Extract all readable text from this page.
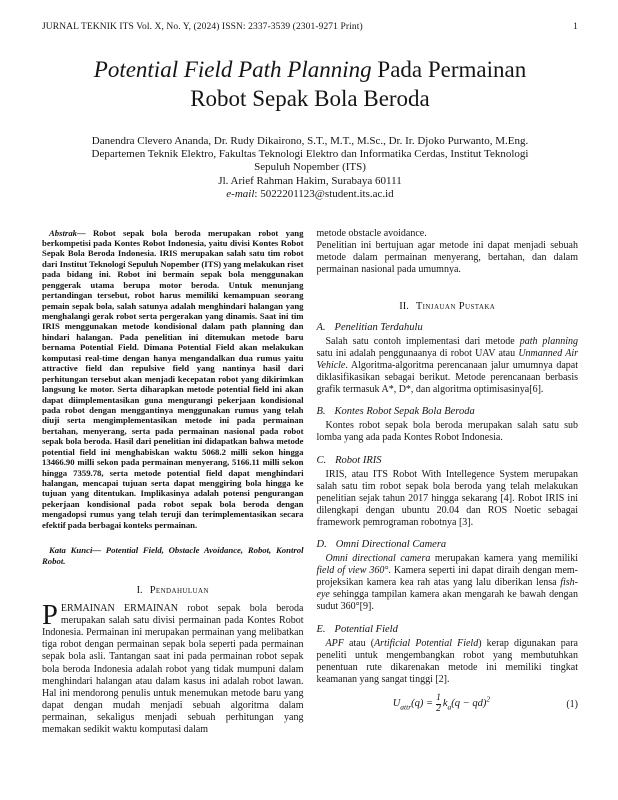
JURNAL TEKNIK ITS Vol. X, No. Y, (2024) ISSN: 2337-3539 (2301-9271 Print)	1
Potential Field Path Planning Pada Permainan
Robot Sepak Bola Beroda

Danendra Clevero Ananda, Dr. Rudy Dikairono, S.T., M.T., M.Sc., Dr. Ir. Djoko Purwanto, M.Eng.

Departemen Teknik Elektro, Fakultas Teknologi Elektro dan Informatika Cerdas, Institut Teknologi

Sepuluh Nopember (ITS)

Jl. Arief Rahman Hakim, Surabaya 60111

e-mail: 5022201123@student.its.ac.id

Abstrak— Robot sepak bola beroda merupakan robot yang berkompetisi pada Kontes Robot Indonesia, yaitu divisi Kontes Robot Sepak Bola Beroda Indonesia. IRIS merupakan salah satu tim robot dari Institut Teknologi Sepuluh Nopember (ITS) yang melakukan riset pada bidang ini. Robot ini bermain sepak bola menggunakan penggerak utama berupa motor beroda. Untuk menunjang pertandingan tersebut, robot harus memiliki kemampuan seorang pemain sepak bola, salah satunya adalah menghindari halangan yang menghalangi gerak robot serta pergerakan yang dinamis. Saat ini tim IRIS menggunakan metode kondisional dalam path planning dan hindari halangan. Pada penelitian ini ditemukan metode baru bernama Potential Field. Dimana Potential Field akan melakukan komputasi real-time dengan hanya mengandalkan dua rumus yaitu attractive field dan repulsive field yang nantinya hasil dari perhitungan tersebut akan menjadi kecepatan robot yang dikirimkan langsung ke motor. Serta diharapkan metode potential field ini akan dapat diimplementasikan guna mengurangi pekerjaan kondisional pada robot dengan menggantinya menggunakan rumus yang telah diuji serta mengimplementasikan metode ini pada permainan bertahan, menyerang, serta pada permainan nasional pada robot sepak bola beroda. Hasil dari penelitian ini didapatkan bahwa metode potential field ini menghabiskan waktu 5068.2 milli sekon hingga 13466.90 milli sekon pada permainan menyerang, 5166.11 milli sekon hingga 7359.78, serta metode potential field dapat menghindari halangan, mencapai tujuan serta dapat menggiring bola hingga ke tujuan yang ditentukan. Implikasinya adalah potensi pengurangan pekerjaan kondisional pada robot sepak bola beroda dengan mengadopsi rumus yang telah teruji dan terimplementasikan secara efektif pada berbagai konteks permainan.

Kata Kunci— Potential Field, Obstacle Avoidance, Robot, Kontrol Robot.

I. Pendahuluan

PERMAINAN ERMAINAN robot sepak bola beroda merupakan salah satu divisi permainan pada Kontes Robot Indonesia. Permainan ini merupakan permainan yang melibatkan tiga robot dengan permainan sepak bola seperti pada permainan sepak bola asli. Tantangan saat ini pada permainan robot sepak bola beroda Indonesia adalah robot yang tidak mumpuni dalam menghindari halangan atau dalam kasus ini adalah robot lawan. Hal ini mendorong penulis untuk menemukan metode baru yang dapat dengan mudah menjadi sebuah algoritma dalam permainan, sekaligus menjadi sebuah perhitungan yang memakan sedikit waktu komputasi dalam

metode obstacle avoidance.

Penelitian ini bertujuan agar metode ini dapat menjadi sebuah metode dalam permainan menyerang, bertahan, dan dalam permainan nasional pada umumnya.

II. Tinjauan Pustaka
A. Penelitian Terdahulu

Salah satu contoh implementasi dari metode path planning satu ini adalah penggunaanya di robot UAV atau Unmanned Air Vehicle. Algoritma-algoritma perencanaan jalur umumnya dapat diklasifikasikan sebagai berikut. Metode perencanaan berbasis grafik termasuk A*, D*, dan algoritma optimisasinya[6].

B. Kontes Robot Sepak Bola Beroda

Kontes robot sepak bola beroda merupakan salah satu sub lomba yang ada pada Kontes Robot Indonesia.

C. Robot IRIS

IRIS, atau ITS Robot With Intellegence System merupakan salah satu tim robot sepak bola beroda yang telah melakukan penelitian sejak tahun 2017 hingga sekarang [4]. Robot IRIS ini dilengkapi dengan ubuntu 20.04 dan ROS Noetic sebagai framework pemrograman robotnya [3].

D. Omni Directional Camera

Omni directional camera merupakan kamera yang memiliki field of view 360°. Kamera seperti ini dapat diraih dengan mem-projeksikan kamera kea rah atas yang lalu diberikan lensa fish-eye sehingga tampilan kamera akan mengarah ke bawah dengan sudut 360°[9].

E. Potential Field

APF atau (Artificial Potential Field) kerap digunakan para peneliti untuk mengembangkan robot yang membutuhkan penentuan rute dikarenakan metode ini memiliki tingkat keamanan yang sangat tinggi [2].

$U_{attr}(q) = \frac{1}{2} k_a(q - qd)^2$	(1)
